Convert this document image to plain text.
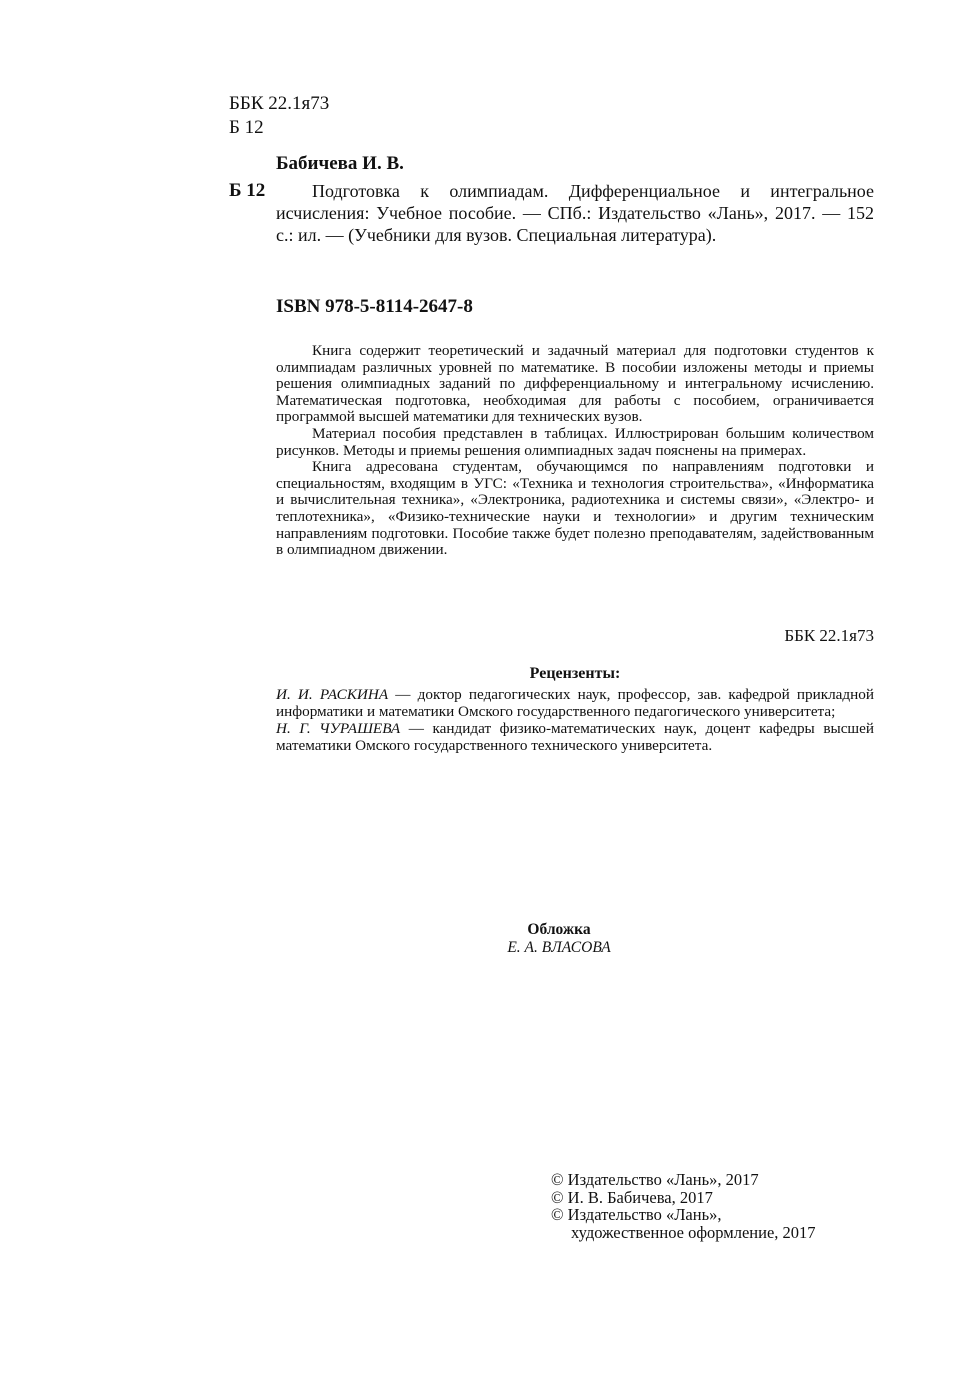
ББК 22.1я73
Б 12
Бабичева И. В.
Б 12	Подготовка к олимпиадам. Дифференциальное и интегральное исчисления: Учебное пособие. — СПб.: Издательство «Лань», 2017. — 152 с.: ил. — (Учебники для вузов. Специальная литература).
ISBN 978-5-8114-2647-8

Книга содержит теоретический и задачный материал для подготовки студентов к олимпиадам различных уровней по математике. В пособии изложены методы и приемы решения олимпиадных заданий по дифференциальному и интегральному исчислению. Математическая подготовка, необходимая для работы с пособием, ограничивается программой высшей математики для технических вузов.

Материал пособия представлен в таблицах. Иллюстрирован большим количеством рисунков. Методы и приемы решения олимпиадных задач пояснены на примерах.

Книга адресована студентам, обучающимся по направлениям подготовки и специальностям, входящим в УГС: «Техника и технология строительства», «Информатика и вычислительная техника», «Электроника, радиотехника и системы связи», «Электро- и теплотехника», «Физико-технические науки и технологии» и другим техническим направлениям подготовки. Пособие также будет полезно преподавателям, задействованным в олимпиадном движении.

ББК 22.1я73
Рецензенты:

И. И. РАСКИНА — доктор педагогических наук, профессор, зав. кафедрой прикладной информатики и математики Омского государственного педагогического университета;

Н. Г. ЧУРАШЕВА — кандидат физико-математических наук, доцент кафедры высшей математики Омского государственного технического университета.

Обложка
Е. А. ВЛАСОВА
© Издательство «Лань», 2017
© И. В. Бабичева, 2017
© Издательство «Лань»,
художественное оформление, 2017
